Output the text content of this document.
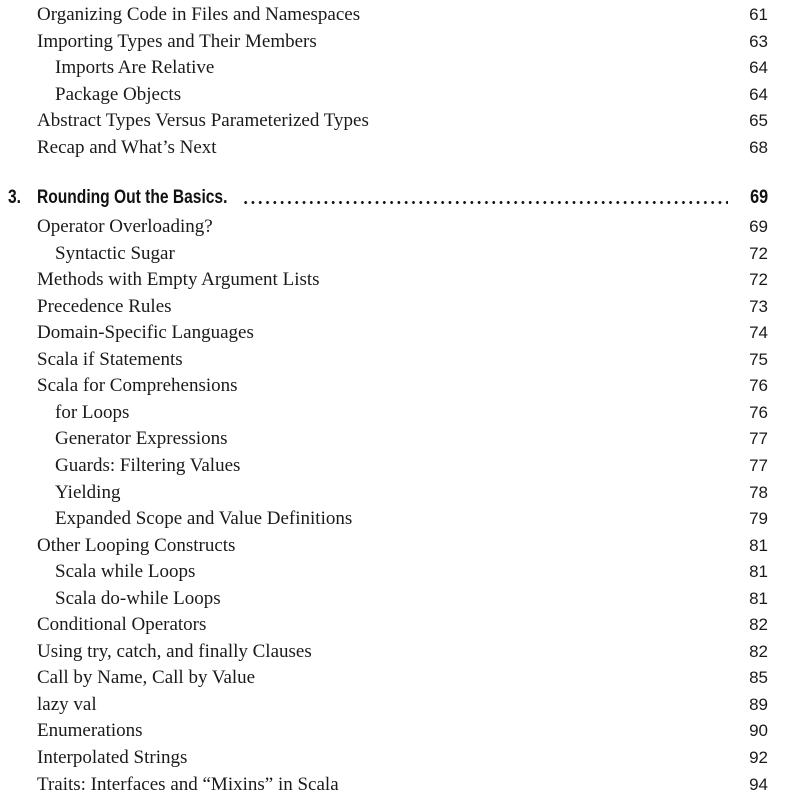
Organizing Code in Files and Namespaces	61
Importing Types and Their Members	63
Imports Are Relative	64
Package Objects	64
Abstract Types Versus Parameterized Types	65
Recap and What’s Next	68
3. Rounding Out the Basics.	69
Operator Overloading?	69
Syntactic Sugar	72
Methods with Empty Argument Lists	72
Precedence Rules	73
Domain-Specific Languages	74
Scala if Statements	75
Scala for Comprehensions	76
for Loops	76
Generator Expressions	77
Guards: Filtering Values	77
Yielding	78
Expanded Scope and Value Definitions	79
Other Looping Constructs	81
Scala while Loops	81
Scala do-while Loops	81
Conditional Operators	82
Using try, catch, and finally Clauses	82
Call by Name, Call by Value	85
lazy val	89
Enumerations	90
Interpolated Strings	92
Traits: Interfaces and “Mixins” in Scala	94
